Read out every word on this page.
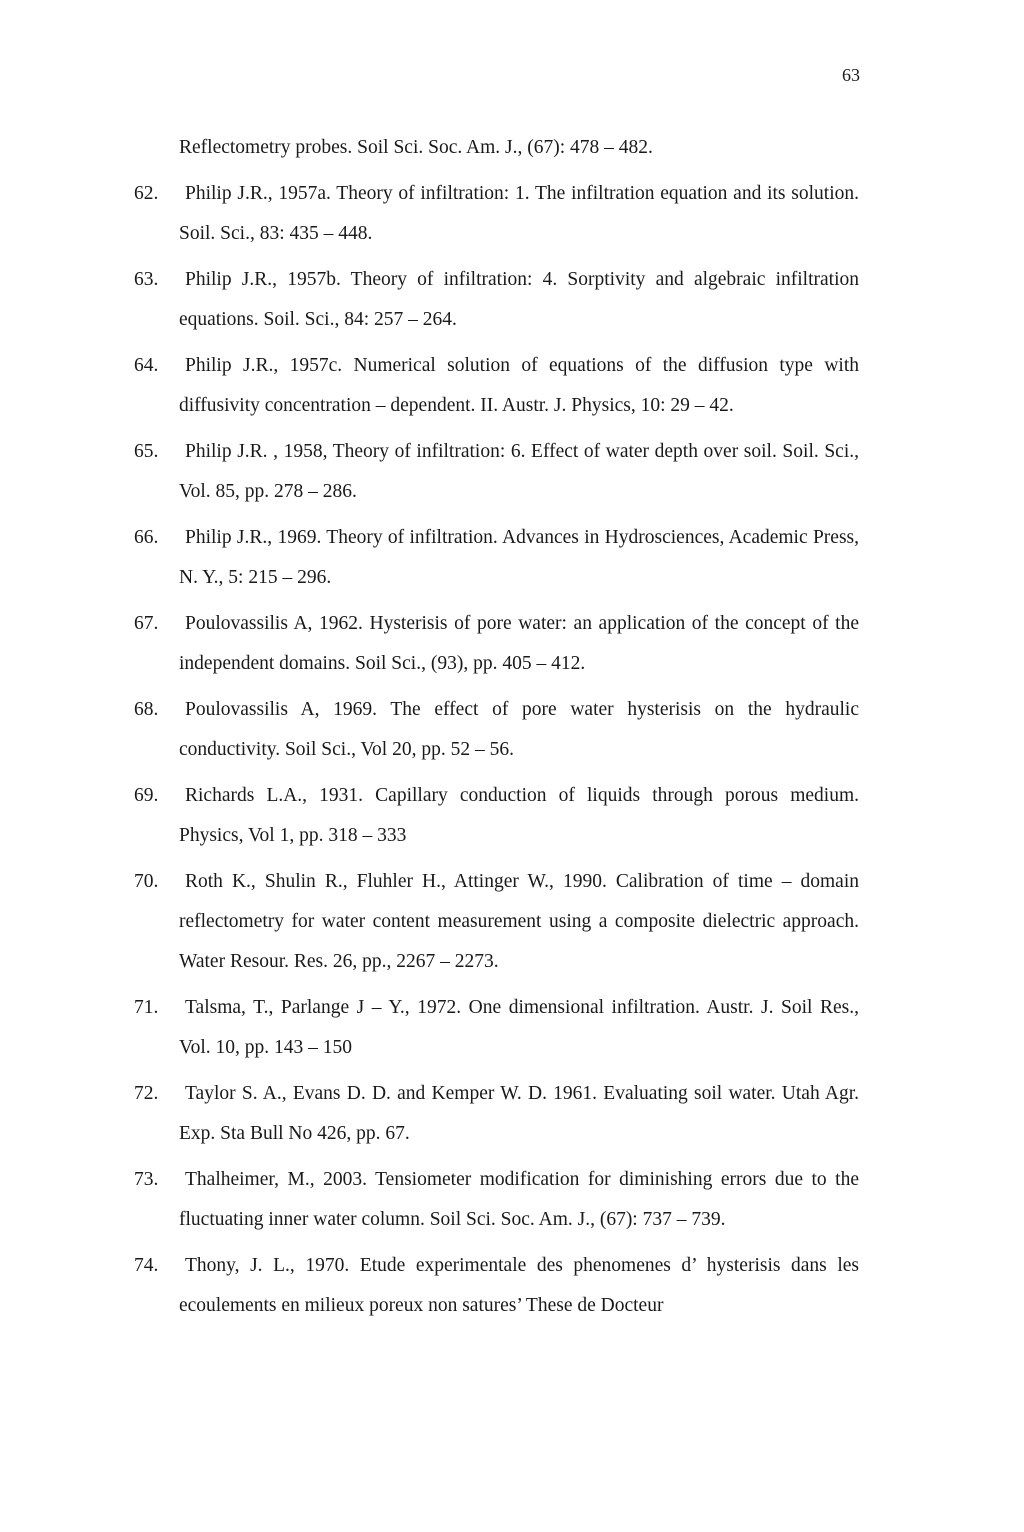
63
Reflectometry probes. Soil Sci. Soc. Am. J., (67): 478 – 482.
62.	Philip J.R., 1957a. Theory of infiltration: 1. The infiltration equation and its solution. Soil. Sci., 83: 435 – 448.
63.	Philip J.R., 1957b. Theory of infiltration: 4. Sorptivity and algebraic infiltration equations. Soil. Sci., 84: 257 – 264.
64.	Philip J.R., 1957c. Numerical solution of equations of the diffusion type with diffusivity concentration – dependent. II. Austr. J. Physics, 10: 29 – 42.
65.	Philip J.R. , 1958, Theory of infiltration: 6. Effect of water depth over soil. Soil. Sci., Vol. 85, pp. 278 – 286.
66.	Philip J.R., 1969. Theory of infiltration. Advances in Hydrosciences, Academic Press, N. Y., 5: 215 – 296.
67.	Poulovassilis A, 1962. Hysterisis of pore water: an application of the concept of the independent domains. Soil Sci., (93), pp. 405 – 412.
68.	Poulovassilis A, 1969. The effect of pore water hysterisis on the hydraulic conductivity. Soil Sci., Vol 20, pp. 52 – 56.
69.	Richards L.A., 1931. Capillary conduction of liquids through porous medium. Physics, Vol 1, pp. 318 – 333
70.	Roth K., Shulin R., Fluhler H., Attinger W., 1990. Calibration of time – domain reflectometry for water content measurement using a composite dielectric approach. Water Resour. Res. 26, pp., 2267 – 2273.
71.	Talsma, T., Parlange J – Y., 1972. One dimensional infiltration. Austr. J. Soil Res., Vol. 10, pp. 143 – 150
72.	Taylor S. A., Evans D. D. and Kemper W. D. 1961. Evaluating soil water. Utah Agr. Exp. Sta Bull No 426, pp. 67.
73.	Thalheimer, M., 2003. Tensiometer modification for diminishing errors due to the fluctuating inner water column. Soil Sci. Soc. Am. J., (67): 737 – 739.
74.	Thony, J. L., 1970. Etude experimentale des phenomenes d’ hysterisis dans les ecoulements en milieux poreux non satures’ These de Docteur
